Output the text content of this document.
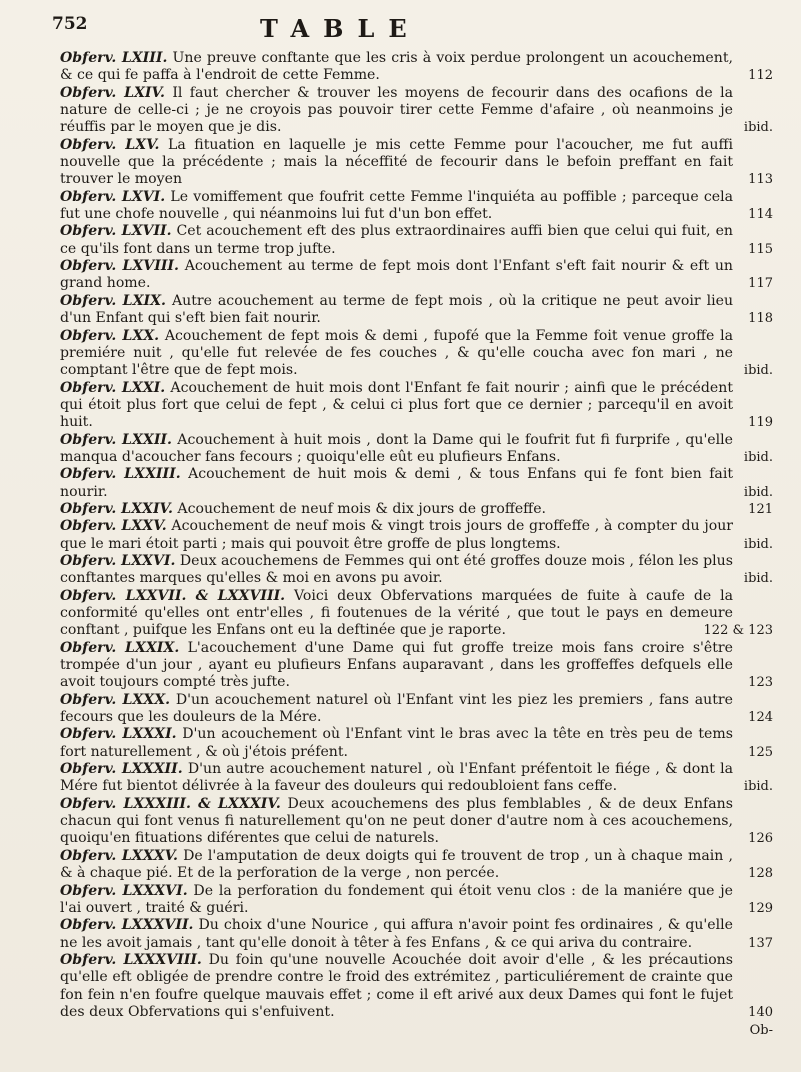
752	TABLE
Obferv. LXIII. Une preuve conftante que les cris à voix perdue prolongent un acouchement, & ce qui fe paffa à l'endroit de cette Femme.	112
Obferv. LXIV. Il faut chercher & trouver les moyens de fecourir dans des ocafions de la nature de celle-ci ; je ne croyois pas pouvoir tirer cette Femme d'afaire , où neanmoins je réuffis par le moyen que je dis.	ibid.
Obferv. LXV. La fituation en laquelle je mis cette Femme pour l'acoucher, me fut auffi nouvelle que la précédente ; mais la néceffité de fecourir dans le befoin preffant en fait trouver le moyen	113
Obferv. LXVI. Le vomiffement que foufrit cette Femme l'inquiéta au poffible ; parceque cela fut une chofe nouvelle , qui néanmoins lui fut d'un bon effet.	114
Obferv. LXVII. Cet acouchement eft des plus extraordinaires auffi bien que celui qui fuit, en ce qu'ils font dans un terme trop jufte.	115
Obferv. LXVIII. Acouchement au terme de fept mois dont l'Enfant s'eft fait nourir & eft un grand home.	117
Obferv. LXIX. Autre acouchement au terme de fept mois , où la critique ne peut avoir lieu d'un Enfant qui s'eft bien fait nourir.	118
Obferv. LXX. Acouchement de fept mois & demi , fupofé que la Femme foit venue groffe la premiére nuit , qu'elle fut relevée de fes couches , & qu'elle coucha avec fon mari , ne comptant l'être que de fept mois.	ibid.
Obferv. LXXI. Acouchement de huit mois dont l'Enfant fe fait nourir ; ainfi que le précédent qui étoit plus fort que celui de fept , & celui ci plus fort que ce dernier ; parcequ'il en avoit huit.	119
Obferv. LXXII. Acouchement à huit mois , dont la Dame qui le foufrit fut fi furprife , qu'elle manqua d'acoucher fans fecours ; quoiqu'elle eût eu plufieurs Enfans.	ibid.
Obferv. LXXIII. Acouchement de huit mois & demi , & tous Enfans qui fe font bien fait nourir.	ibid.
Obferv. LXXIV. Acouchement de neuf mois & dix jours de groffeffe.	121
Obferv. LXXV. Acouchement de neuf mois & vingt trois jours de groffeffe , à compter du jour que le mari étoit parti ; mais qui pouvoit être groffe de plus longtems.	ibid.
Obferv. LXXVI. Deux acouchemens de Femmes qui ont été groffes douze mois , félon les plus conftantes marques qu'elles & moi en avons pu avoir.	ibid.
Obferv. LXXVII. & LXXVIII. Voici deux Obfervations marquées de fuite à caufe de la conformité qu'elles ont entr'elles , fi foutenues de la vérité , que tout le pays en demeure conftant , puifque les Enfans ont eu la deftinée que je raporte.	122 & 123
Obferv. LXXIX. L'acouchement d'une Dame qui fut groffe treize mois fans croire s'être trompée d'un jour , ayant eu plufieurs Enfans auparavant , dans les groffeffes defquels elle avoit toujours compté très jufte.	123
Obferv. LXXX. D'un acouchement naturel où l'Enfant vint les piez les premiers , fans autre fecours que les douleurs de la Mére.	124
Obferv. LXXXI. D'un acouchement où l'Enfant vint le bras avec la tête en très peu de tems fort naturellement , & où j'étois préfent.	125
Obferv. LXXXII. D'un autre acouchement naturel , où l'Enfant préfentoit le fiége , & dont la Mére fut bientot délivrée à la faveur des douleurs qui redoubloient fans ceffe.	ibid.
Obferv. LXXXIII. & LXXXIV. Deux acouchemens des plus femblables , & de deux Enfans chacun qui font venus fi naturellement qu'on ne peut doner d'autre nom à ces acouchemens, quoiqu'en fituations diférentes que celui de naturels.	126
Obferv. LXXXV. De l'amputation de deux doigts qui fe trouvent de trop , un à chaque main , & à chaque pié. Et de la perforation de la verge , non percée.	128
Obferv. LXXXVI. De la perforation du fondement qui étoit venu clos : de la maniére que je l'ai ouvert , traité & guéri.	129
Obferv. LXXXVII. Du choix d'une Nourice , qui affura n'avoir point fes ordinaires , & qu'elle ne les avoit jamais , tant qu'elle donoit à têter à fes Enfans , & ce qui ariva du contraire.	137
Obferv. LXXXVIII. Du foin qu'une nouvelle Acouchée doit avoir d'elle , & les précautions qu'elle eft obligée de prendre contre le froid des extrémitez , particuliérement de crainte que fon fein n'en foufre quelque mauvais effet ; come il eft arivé aux deux Dames qui font le fujet des deux Obfervations qui s'enfuivent.	140
Ob-
